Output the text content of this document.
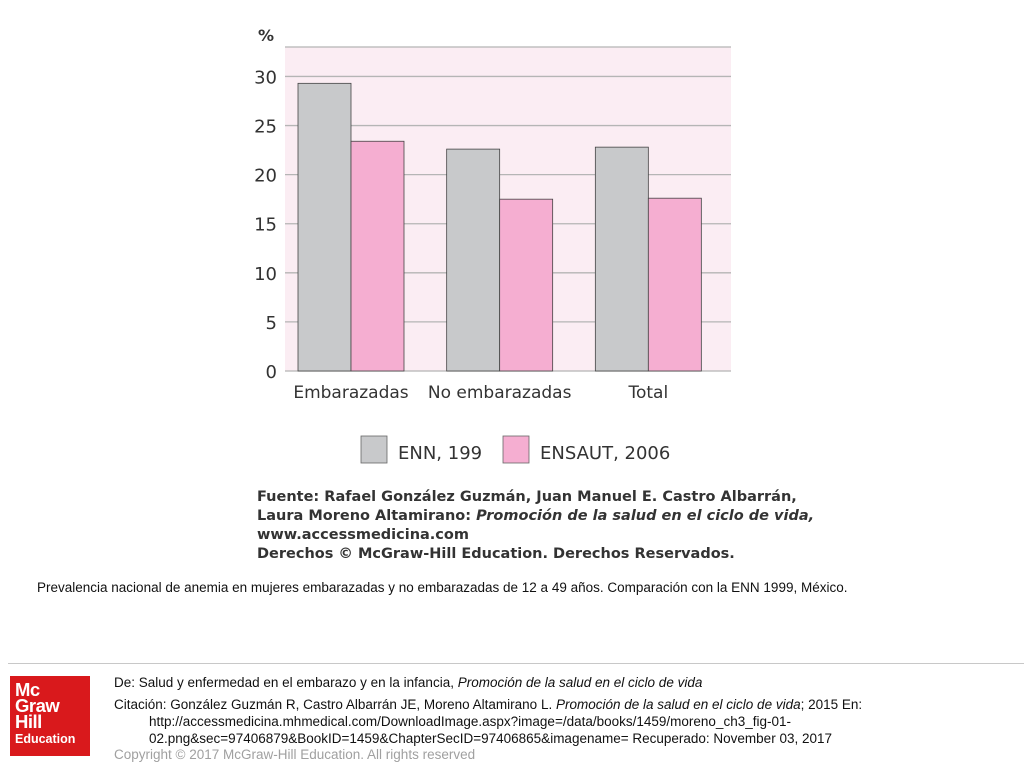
0
5
10
15
20
25
30
%
Embarazadas No embarazadas	Total
ENN, 199	ENSAUT, 2006
Fuente: Rafael González Guzmán, Juan Manuel E. Castro Albarrán,
Laura Moreno Altamirano: Promoción de la salud en el ciclo de vida,
www.accessmedicina.com
Derechos © McGraw-Hill Education. Derechos Reservados.
Prevalencia nacional de anemia en mujeres embarazadas y no embarazadas de 12 a 49 años. Comparación con la ENN 1999, México.
Mc
Graw
Hill
Education
De: Salud y enfermedad en el embarazo y en la infancia, Promoción de la salud en el ciclo de vida
Citación: González Guzmán R, Castro Albarrán JE, Moreno Altamirano L. Promoción de la salud en el ciclo de vida; 2015 En:
http://accessmedicina.mhmedical.com/DownloadImage.aspx?image=/data/books/1459/moreno_ch3_fig-01-
02.png&sec=97406879&BookID=1459&ChapterSecID=97406865&imagename= Recuperado: November 03, 2017
Copyright © 2017 McGraw-Hill Education. All rights reserved
